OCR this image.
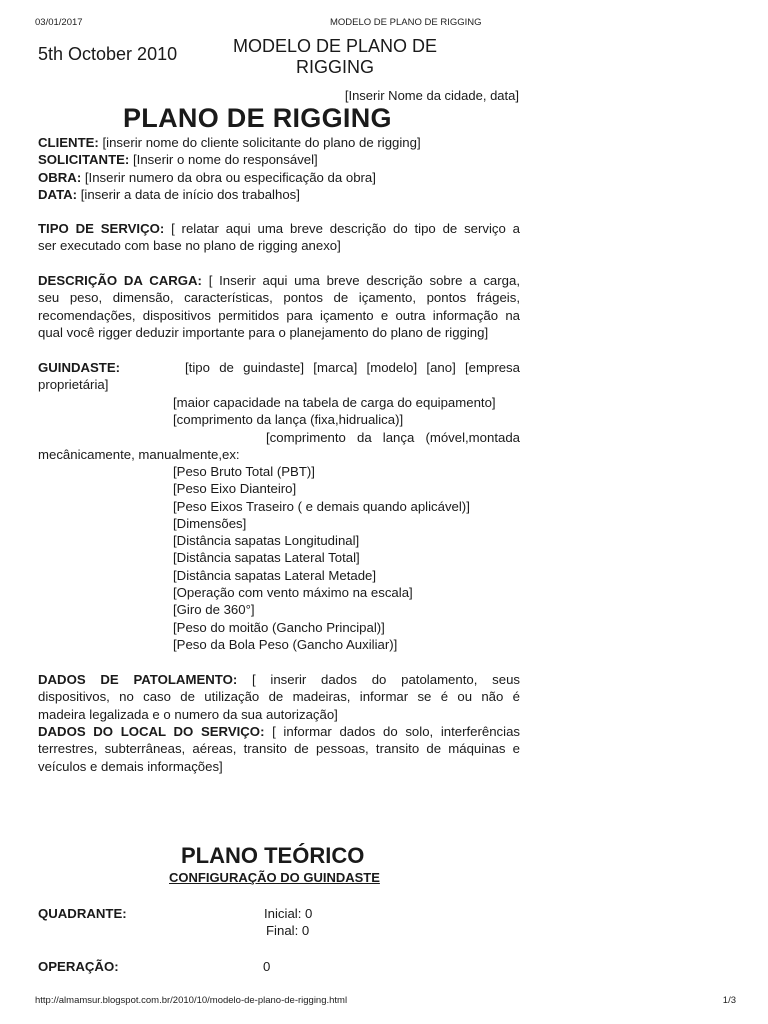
03/01/2017	MODELO DE PLANO DE RIGGING
5th October 2010	MODELO DE PLANO DE
RIGGING
[Inserir Nome da cidade, data]
PLANO DE RIGGING
CLIENTE: [inserir nome do cliente solicitante do plano de rigging]
SOLICITANTE: [Inserir o nome do responsável]
OBRA: [Inserir numero da obra ou especificação da obra]
DATA: [inserir a data de início dos trabalhos]
TIPO DE SERVIÇO: [ relatar aqui uma breve descrição do tipo de serviço a
ser executado com base no plano de rigging anexo]
DESCRIÇÃO DA CARGA: [ Inserir aqui uma breve descrição sobre a carga,
seu peso, dimensão, características, pontos de içamento, pontos frágeis,
recomendações, dispositivos permitidos para içamento e outra informação na
qual você rigger deduzir importante para o planejamento do plano de rigging]
GUINDASTE:	[tipo de guindaste] [marca] [modelo] [ano] [empresa
proprietária]
[maior capacidade na tabela de carga do equipamento]
[comprimento da lança (fixa,hidrualica)]
[comprimento da lança (móvel,montada
mecânicamente, manualmente,ex:
[Peso Bruto Total (PBT)]
[Peso Eixo Dianteiro]
[Peso Eixos Traseiro ( e demais quando aplicável)]
[Dimensões]
[Distância sapatas Longitudinal]
[Distância sapatas Lateral Total]
[Distância sapatas Lateral Metade]
[Operação com vento máximo na escala]
[Giro de 360°]
[Peso do moitão (Gancho Principal)]
[Peso da Bola Peso (Gancho Auxiliar)]
DADOS DE PATOLAMENTO: [ inserir dados do patolamento, seus
dispositivos, no caso de utilização de madeiras, informar se é ou não é
madeira legalizada e o numero da sua autorização]
DADOS DO LOCAL DO SERVIÇO: [ informar dados do solo, interferências
terrestres, subterrâneas, aéreas, transito de pessoas, transito de máquinas e
veículos e demais informações]
PLANO TEÓRICO
CONFIGURAÇÃO DO GUINDASTE
QUADRANTE:	Inicial: 0
Final: 0
OPERAÇÃO:	0
http://almamsur.blogspot.com.br/2010/10/modelo-de-plano-de-rigging.html	1/3
